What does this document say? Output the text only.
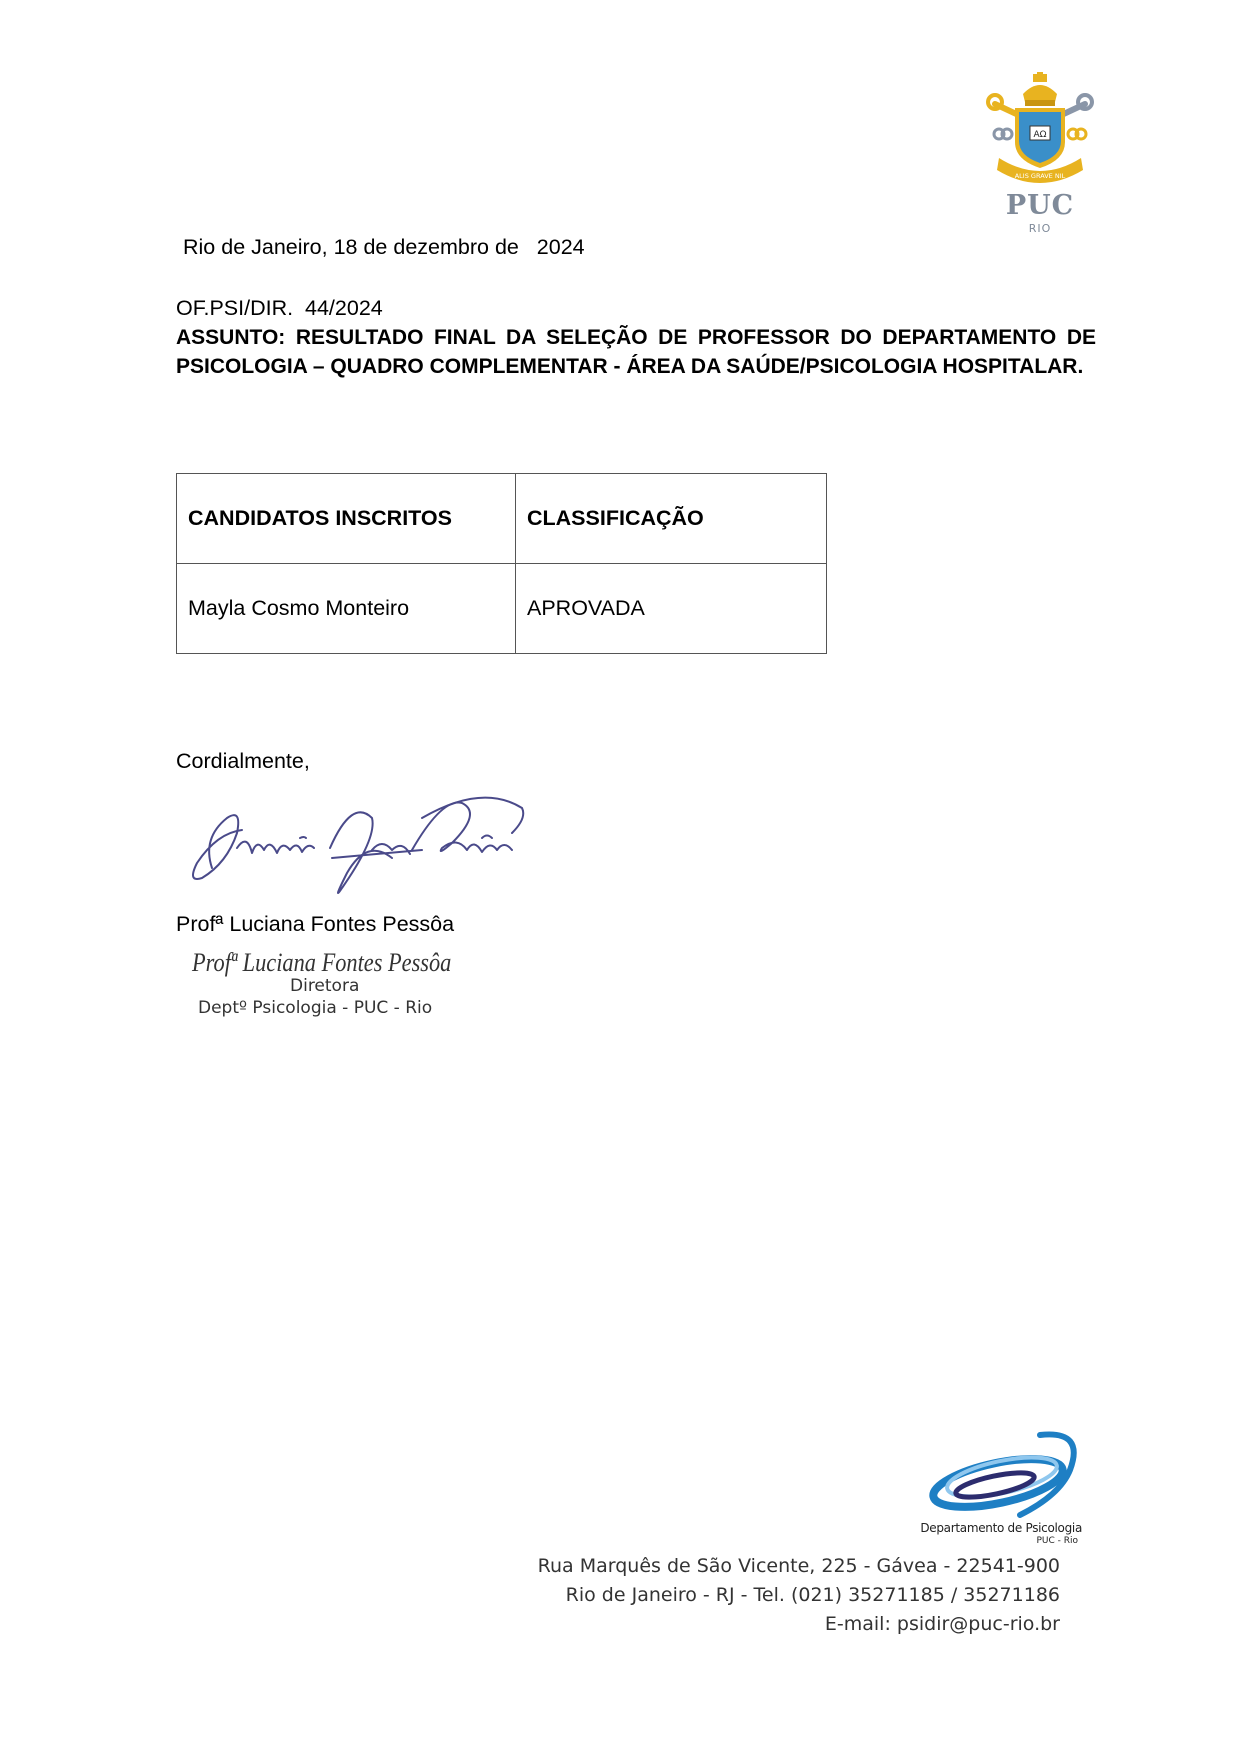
AΩ
ALIS GRAVE NIL
PUC
RIO
Rio de Janeiro, 18 de dezembro de   2024
OF.PSI/DIR.  44/2024
ASSUNTO: RESULTADO FINAL DA SELEÇÃO DE PROFESSOR DO DEPARTAMENTO DE PSICOLOGIA – QUADRO COMPLEMENTAR - ÁREA DA SAÚDE/PSICOLOGIA HOSPITALAR.
CANDIDATOS INSCRITOS	CLASSIFICAÇÃO
Mayla Cosmo Monteiro	APROVADA
Cordialmente,
Profª Luciana Fontes Pessôa
Profª Luciana Fontes Pessôa
Diretora
Deptº Psicologia - PUC - Rio
Departamento de Psicologia
PUC - Rio
Rua Marquês de São Vicente, 225 - Gávea - 22541-900
Rio de Janeiro - RJ - Tel. (021) 35271185 / 35271186
E-mail: psidir@puc-rio.br
